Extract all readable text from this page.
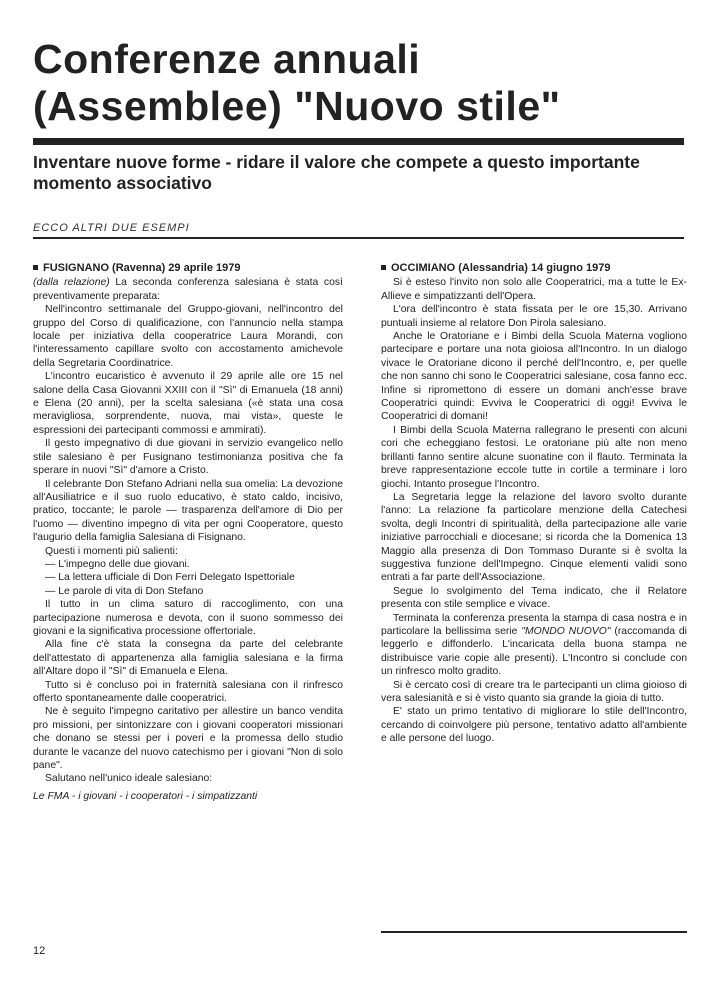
Conferenze annuali
(Assemblee) "Nuovo stile"
Inventare nuove forme - ridare il valore che compete a questo importante momento associativo
ECCO ALTRI DUE ESEMPI
FUSIGNANO (Ravenna) 29 aprile 1979

(dalla relazione) La seconda conferenza salesiana è stata così preventivamente preparata:

Nell'incontro settimanale del Gruppo-giovani, nell'incontro del gruppo del Corso di qualificazione, con l'annuncio nella stampa locale per iniziativa della cooperatrice Laura Morandi, con l'interessamento capillare svolto con accostamento amichevole della Segretaria Coordinatrice.

L'incontro eucaristico è avvenuto il 29 aprile alle ore 15 nel salone della Casa Giovanni XXIII con il "Sì" di Emanuela (18 anni) e Elena (20 anni), per la scelta salesiana («è stata una cosa meravigliosa, sorprendente, nuova, mai vista», queste le espressioni dei partecipanti commossi e ammirati).

Il gesto impegnativo di due giovani in servizio evangelico nello stile salesiano è per Fusignano testimonianza positiva che fa sperare in nuovi "Sì" d'amore a Cristo.

Il celebrante Don Stefano Adriani nella sua omelia: La devozione all'Ausiliatrice e il suo ruolo educativo, è stato caldo, incisivo, pratico, toccante; le parole — trasparenza dell'amore di Dio per l'uomo — diventino impegno di vita per ogni Cooperatore, questo l'augurio della famiglia Salesiana di Fisignano.

Questi i momenti più salienti:

— L'impegno delle due giovani.

— La lettera ufficiale di Don Ferri Delegato Ispettoriale

— Le parole di vita di Don Stefano

Il tutto in un clima saturo di raccoglimento, con una partecipazione numerosa e devota, con il suono sommesso dei giovani e la significativa processione offertoriale.

Alla fine c'è stata la consegna da parte del celebrante dell'attestato di appartenenza alla famiglia salesiana e la firma all'Altare dopo il "Sì" di Emanuela e Elena.

Tutto si è concluso poi in fraternità salesiana con il rinfresco offerto spontaneamente dalle cooperatrici.

Ne è seguito l'impegno caritativo per allestire un banco vendita pro missioni, per sintonizzare con i giovani cooperatori missionari che donano se stessi per i poveri e la promessa dello studio durante le vacanze del nuovo catechismo per i giovani "Non di solo pane".

Salutano nell'unico ideale salesiano:

Le FMA - i giovani - i cooperatori - i simpatizzanti

OCCIMIANO (Alessandria) 14 giugno 1979

Si è esteso l'invito non solo alle Cooperatrici, ma a tutte le Ex-Allieve e simpatizzanti dell'Opera.

L'ora dell'incontro è stata fissata per le ore 15,30. Arrivano puntuali insieme al relatore Don Pirola salesiano.

Anche le Oratoriane e i Bimbi della Scuola Materna vogliono partecipare e portare una nota gioiosa all'Incontro. In un dialogo vivace le Oratoriane dicono il perché dell'Incontro, e, per quelle che non sanno chi sono le Cooperatrici salesiane, cosa fanno ecc. Infine si ripromettono di essere un domani anch'esse brave Cooperatrici quindi: Evviva le Cooperatrici di oggi! Evviva le Cooperatrici di domani!

I Bimbi della Scuola Materna rallegrano le presenti con alcuni cori che echeggiano festosi. Le oratoriane più alte non meno brillanti fanno sentire alcune suonatine con il flauto. Terminata la breve rappresentazione eccole tutte in cortile a terminare i loro giochi. Intanto prosegue l'Incontro.

La Segretaria legge la relazione del lavoro svolto durante l'anno: La relazione fa particolare menzione della Catechesi svolta, degli Incontri di spiritualità, della partecipazione alle varie iniziative parrocchiali e diocesane; si ricorda che la Domenica 13 Maggio alla presenza di Don Tommaso Durante si è svolta la suggestiva funzione dell'Impegno. Cinque elementi validi sono entrati a far parte dell'Associazione.

Segue lo svolgimento del Tema indicato, che il Relatore presenta con stile semplice e vivace.

Terminata la conferenza presenta la stampa di casa nostra e in particolare la bellissima serie "MONDO NUOVO" (raccomanda di leggerlo e diffonderlo. L'incaricata della buona stampa ne distribuisce varie copie alle presenti). L'Incontro si conclude con un rinfresco molto gradito.

Si è cercato così di creare tra le partecipanti un clima gioioso di vera salesianità e si è visto quanto sia grande la gioia di tutto.

E' stato un primo tentativo di migliorare lo stile dell'Incontro, cercando di coinvolgere più persone, tentativo adatto all'ambiente e alle persone del luogo.

12
